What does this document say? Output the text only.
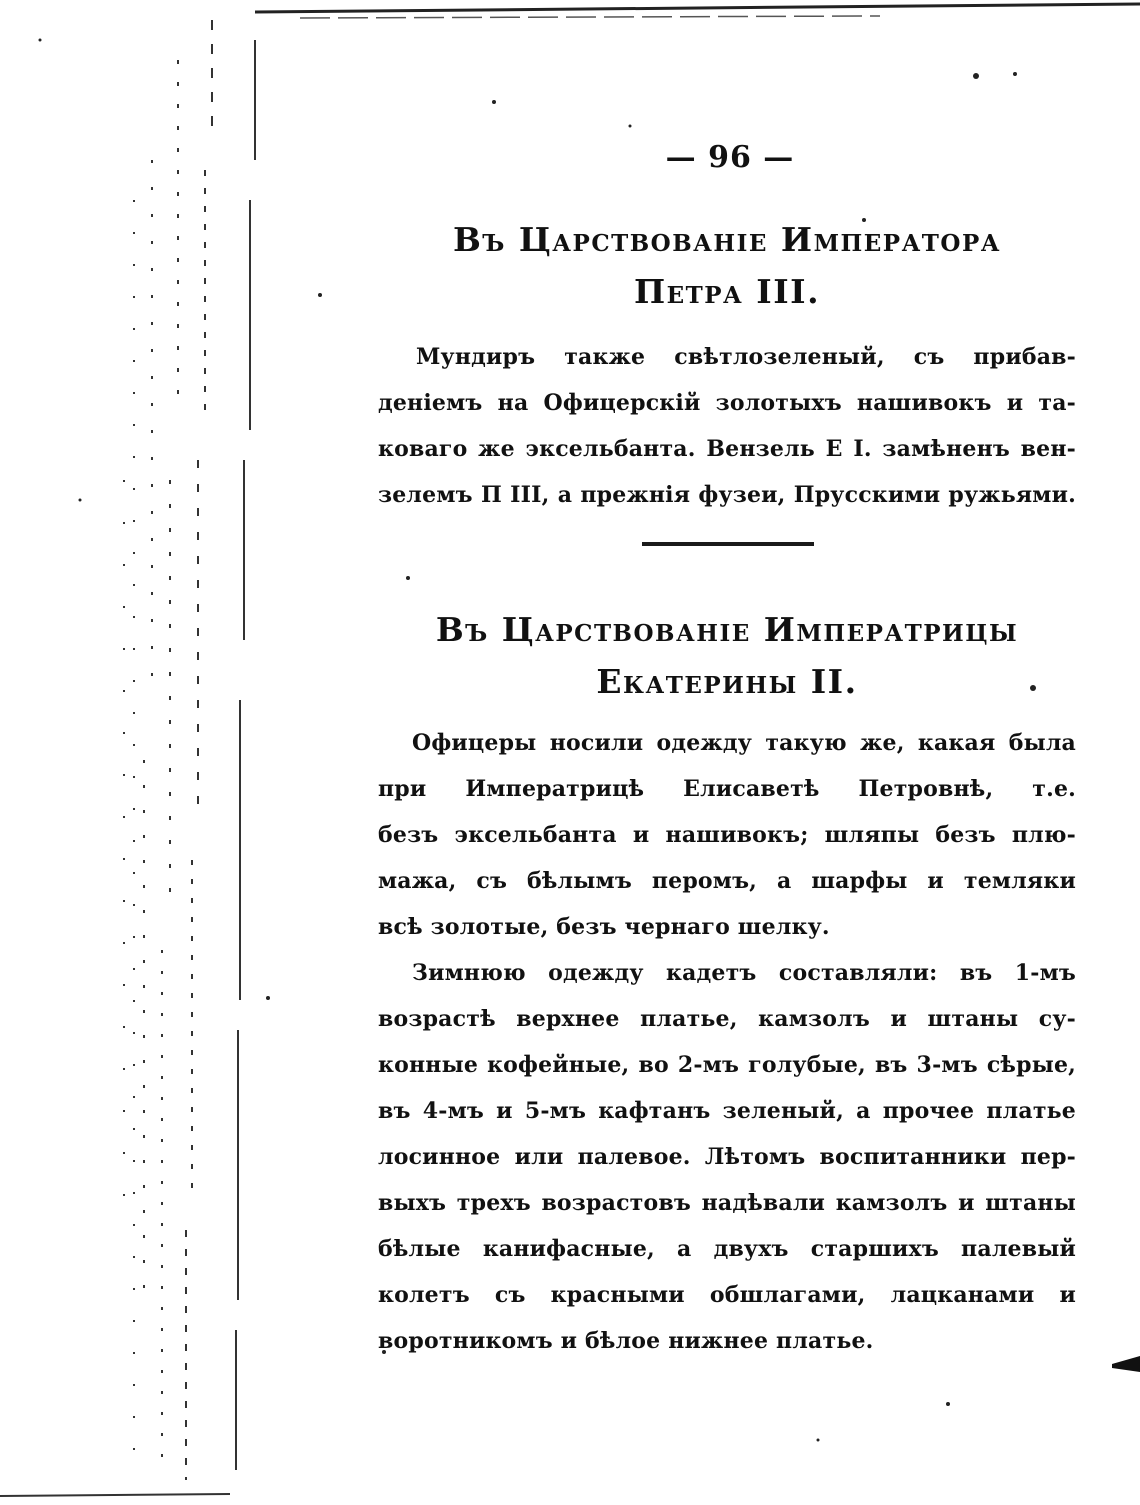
— 96 —
Въ Царствованіе Императора
Петра III.

Мундиръ также свѣтлозеленый, съ прибав-
деніемъ на Офицерскій золотыхъ нашивокъ и та-
коваго же эксельбанта. Вензель Е I. замѣненъ вен-
зелемъ П III, а прежнія фузеи, Прусскими ружьями.

Въ Царствованіе Императрицы
Екатерины II.

Офицеры носили одежду такую же, какая была
при Императрицѣ Елисаветѣ Петровнѣ, т.е.
безъ эксельбанта и нашивокъ; шляпы безъ плю-
мажа, съ бѣлымъ перомъ, а шарфы и темляки
всѣ золотые, безъ чернаго шелку.

Зимнюю одежду кадетъ составляли: въ 1-мъ
возрастѣ верхнее платье, камзолъ и штаны су-
конные кофейные, во 2-мъ голубые, въ 3-мъ сѣрые,
въ 4-мъ и 5-мъ кафтанъ зеленый, а прочее платье
лосинное или палевое. Лѣтомъ воспитанники пер-
выхъ трехъ возрастовъ надѣвали камзолъ и штаны
бѣлые канифасные, а двухъ старшихъ палевый
колетъ съ красными обшлагами, лацканами и
воротникомъ и бѣлое нижнее платье.
